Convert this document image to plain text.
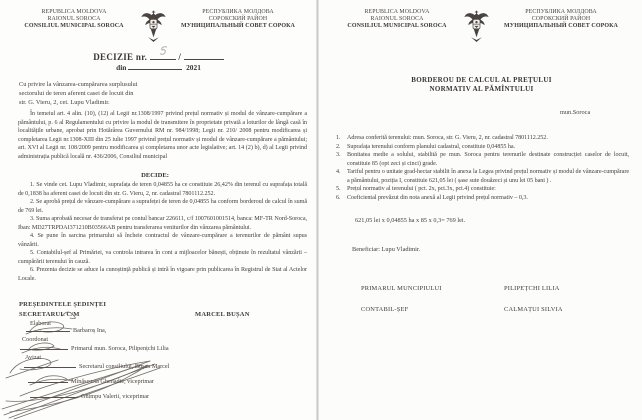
REPUBLICA MOLDOVA
RAIONUL SOROCA
CONSILIUL MUNICIPAL SOROCA
РЕСПУБЛИКА МОЛДОВА
СОРОКСКИЙ РАЙОН
МУНИЦИПАЛЬНЫЙ СОВЕТ СОРОКА
DECIZIE nr.	/
din	2021
Cu privire la vânzarea-cumpărarea surplusului
sectorului de teren aferent casei de locuit din
str. G. Vieru, 2, cet. Lupu Vladimir.

În temeiul art. 4 alin. (10), (12) al Legii nr.1308/1997 privind prețul normativ și modul de vânzare-cumpărare a pământului, p. 6 al Regulamentului cu privire la modul de transmitere în proprietate privată a loturilor de lângă casă în localitățile urbane, aprobat prin Hotărârea Guvernului RM nr. 984/1998; Legii nr. 210/ 2008 pentru modificarea și completarea Legii nr.1308-XIII din 25 iulie 1997 privind prețul normativ și modul de vânzare-cumpărare a pământului; art. XVI al Legii nr. 108/2009 pentru modificarea și completarea unor acte legislative; art. 14 (2) b), d) al Legii privind administrația publică locală nr. 436/2006, Consiliul municipal

DECIDE:

1. Se vinde cet. Lupu Vladimir, suprafața de teren 0,04855 ha ce constituie 26,42% din terenul cu suprafața totală de 0,1838 ha aferent casei de locuit din str. G. Vieru, 2, nr. cadastral 7801112.252.

2. Se aprobă prețul de vânzare-cumpărare a suprafeței de teren de 0,04855 ha conform borderoul de calcul în sumă de 769 lei.

3. Suma aprobată necesar de transferat pe contul bancar 226611, c/f 1007601001514, banca: MF-TR Nord-Soroca, Iban: MD27TRPDAI371210B03566AB pentru transferarea veniturilor din vânzarea pământului.

4. Se pune în sarcina primarului să încheie contractul de vânzare-cumpărare a terenurilor de pământ supus vânzării.

5. Contabilul-șef al Primăriei, va controla intrarea în cont a mijloacelor bănești, obținute în rezultatul vânzării – cumpărării terenului în cauză.

6. Prezenta decizie se aduce la cunoștință publică și intră în vigoare prin publicarea în Registrul de Stat al Actelor Locale.

PREȘEDINTELE ȘEDINȚEI
SECRETARUL C/M	MARCEL BUȘAN
Elaborat
Barbaroș Ina,
Coordonat
Primarul mun. Soroca, Pilipențchi Lilia
Avizat
Secretarul consiliului, Bușan Marcel
Mînăscurtă Ghenadie, viceprimar
Ghimpu Valerii, viceprimar
REPUBLICA MOLDOVA
RAIONUL SOROCA
CONSILIUL MUNICIPAL SOROCA
РЕСПУБЛИКА МОЛДОВА
СОРОКСКИЙ РАЙОН
МУНИЦИПАЛЬНЫЙ СОВЕТ СОРОКА
BORDEROU DE CALCUL AL PREȚULUI
NORMATIV AL PĂMÎNTULUI
mun.Soroca
1.	Adresa conferită terenului: mun. Soroca, str. G. Vieru, 2, nr. cadastral 7801112.252.
2.	Suprafața terenului conform planului cadastral, constituie 0,04855 ha.
3.	Bonitatea medie a solului, stabilită pe mun. Soroca pentru terenurile destinate construcției caselor de locuit, constituie 85 (opt zeci și cinci) grade.
4.	Tariful pentru o unitate grad-hectar stabilit în anexa la Legea privind prețul normativ și modul de vânzare-cumpărare a pământului, poziția I, constituie 621,05 lei ( șase sute douăzeci și unu lei 05 bani ) .
5.	Prețul normativ al terenului ( pct. 2x, pct.3x, pct.4) constituie:
6.	Coeficiental prevăzut din nota anexă al Legii privind prețul normativ – 0,3.
621,05 lei x 0,04855 ha x 85 x 0,3= 769 lei.
Beneficiar: Lupu Vladimir.
PRIMARUL MUNCIPIULUI	PILIPEȚCHI LILIA
CONTABIL-ȘEF	CALMAȚUI SILVIA
